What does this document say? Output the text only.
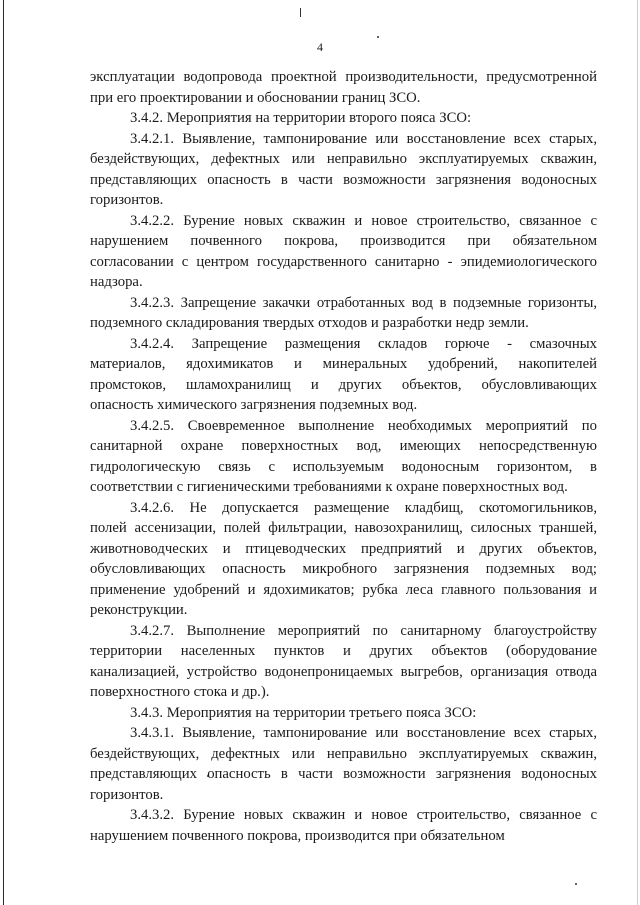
4
эксплуатации водопровода проектной производительности, предусмотренной
при его проектировании и обосновании границ ЗСО.
3.4.2. Мероприятия на территории второго пояса ЗСО:
3.4.2.1. Выявление, тампонирование или восстановление всех старых,
бездействующих, дефектных или неправильно эксплуатируемых скважин,
представляющих опасность в части возможности загрязнения водоносных
горизонтов.
3.4.2.2. Бурение новых скважин и новое строительство, связанное с
нарушением почвенного покрова, производится при обязательном
согласовании с центром государственного санитарно - эпидемиологического
надзора.
3.4.2.3. Запрещение закачки отработанных вод в подземные горизонты,
подземного складирования твердых отходов и разработки недр земли.
3.4.2.4. Запрещение размещения складов горюче - смазочных
материалов, ядохимикатов и минеральных удобрений, накопителей
промстоков, шламохранилищ и других объектов, обусловливающих
опасность химического загрязнения подземных вод.
3.4.2.5. Своевременное выполнение необходимых мероприятий по
санитарной охране поверхностных вод, имеющих непосредственную
гидрологическую связь с используемым водоносным горизонтом, в
соответствии с гигиеническими требованиями к охране поверхностных вод.
3.4.2.6. Не допускается размещение кладбищ, скотомогильников,
полей ассенизации, полей фильтрации, навозохранилищ, силосных траншей,
животноводческих и птицеводческих предприятий и других объектов,
обусловливающих опасность микробного загрязнения подземных вод;
применение удобрений и ядохимикатов; рубка леса главного пользования и
реконструкции.
3.4.2.7. Выполнение мероприятий по санитарному благоустройству
территории населенных пунктов и других объектов (оборудование
канализацией, устройство водонепроницаемых выгребов, организация отвода
поверхностного стока и др.).
3.4.3. Мероприятия на территории третьего пояса ЗСО:
3.4.3.1. Выявление, тампонирование или восстановление всех старых,
бездействующих, дефектных или неправильно эксплуатируемых скважин,
представляющих опасность в части возможности загрязнения водоносных
горизонтов.
3.4.3.2. Бурение новых скважин и новое строительство, связанное с
нарушением почвенного покрова, производится при обязательном
